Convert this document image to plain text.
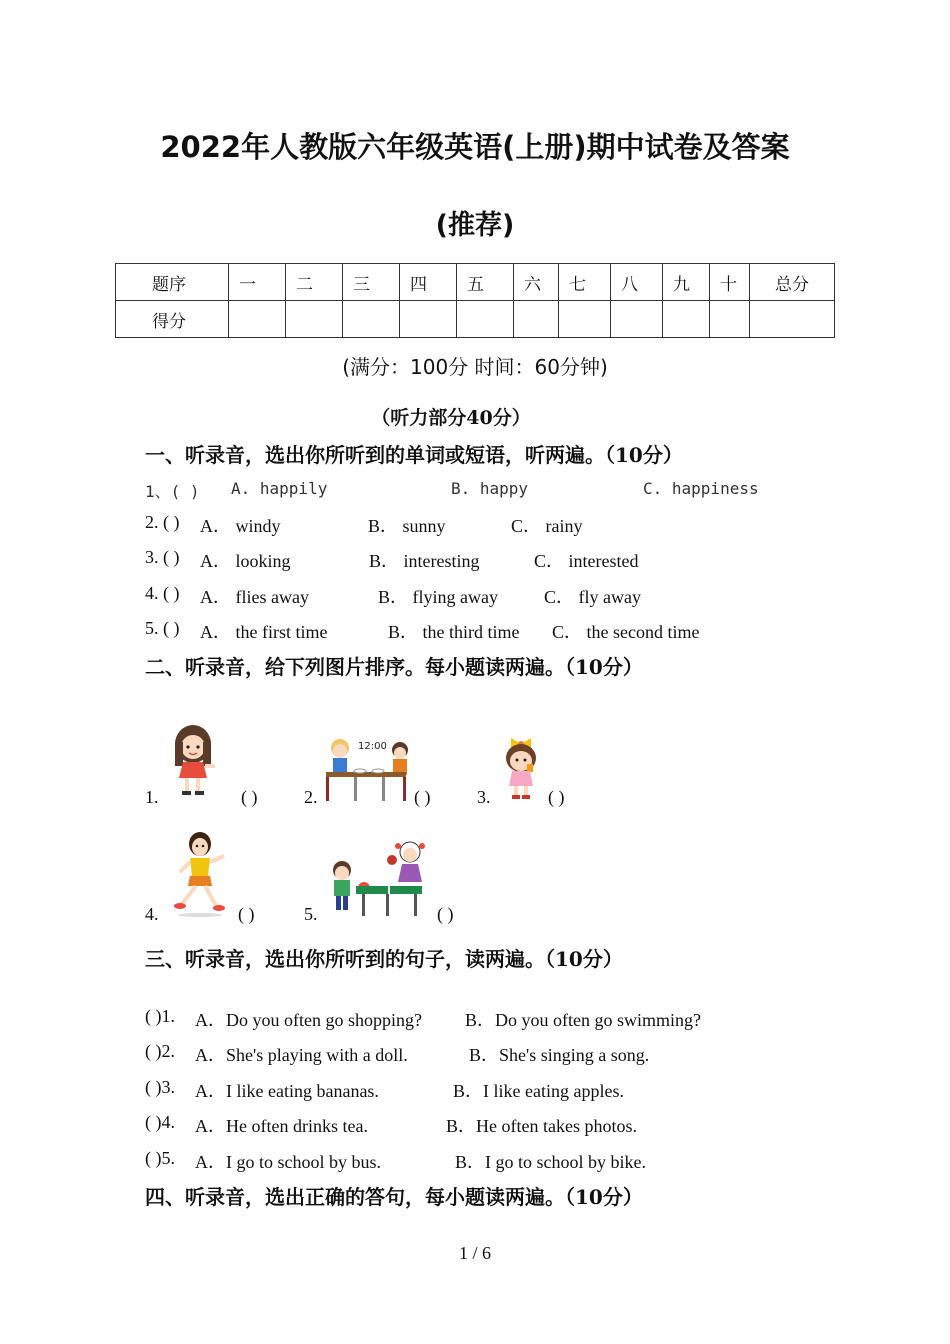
2022年人教版六年级英语(上册)期中试卷及答案
(推荐)
题序	一	二	三	四	五	六	七	八	九	十	总分
得分											
(满分：100分 时间：60分钟)
（听力部分40分）
一、听录音，选出你所听到的单词或短语，听两遍。（10分）
1、( ) A. happily	B. happy	C. happiness
2. ( ) A． windy	B． sunny	C． rainy
3. ( ) A． looking	B． interesting	C． interested
4. ( ) A． flies away	B． flying away	C． fly away
5. ( ) A． the first time	B． the third time C． the second time
二、听录音，给下列图片排序。每小题读两遍。（10分）
1.	( )
12:00
2.	( )	3.	( )
4.	( )	5.	( )
三、听录音，选出你所听到的句子，读两遍。（10分）
( )1. A．Do you often go shopping? B．Do you often go swimming?
( )2. A．She's playing with a doll.	B．She's singing a song.
( )3. A．I like eating bananas.	B．I like eating apples.
( )4. A．He often drinks tea.	B．He often takes photos.
( )5. A．I go to school by bus.	B．I go to school by bike.
四、听录音，选出正确的答句，每小题读两遍。（10分）
1 / 6
